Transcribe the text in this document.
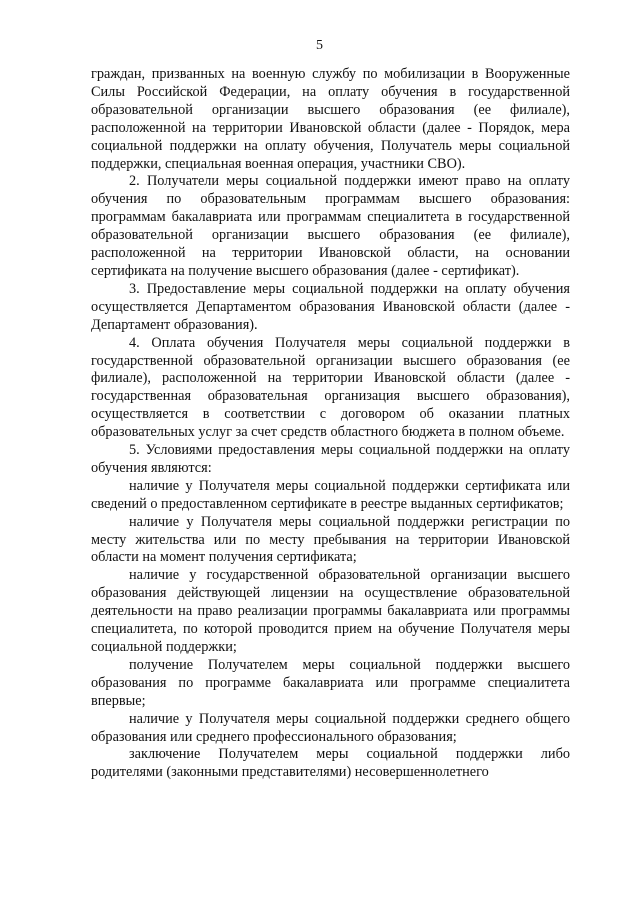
5

граждан, призванных на военную службу по мобилизации в Вооруженные Силы Российской Федерации, на оплату обучения в государственной образовательной организации высшего образования (ее филиале), расположенной на территории Ивановской области (далее - Порядок, мера социальной поддержки на оплату обучения, Получатель меры социальной поддержки, специальная военная операция, участники СВО).

2. Получатели меры социальной поддержки имеют право на оплату обучения по образовательным программам высшего образования: программам бакалавриата или программам специалитета в государственной образовательной организации высшего образования (ее филиале), расположенной на территории Ивановской области, на основании сертификата на получение высшего образования (далее - сертификат).

3. Предоставление меры социальной поддержки на оплату обучения осуществляется Департаментом образования Ивановской области (далее - Департамент образования).

4. Оплата обучения Получателя меры социальной поддержки в государственной образовательной организации высшего образования (ее филиале), расположенной на территории Ивановской области (далее - государственная образовательная организация высшего образования), осуществляется в соответствии с договором об оказании платных образовательных услуг за счет средств областного бюджета в полном объеме.

5. Условиями предоставления меры социальной поддержки на оплату обучения являются:

наличие у Получателя меры социальной поддержки сертификата или сведений о предоставленном сертификате в реестре выданных сертификатов;

наличие у Получателя меры социальной поддержки регистрации по месту жительства или по месту пребывания на территории Ивановской области на момент получения сертификата;

наличие у государственной образовательной организации высшего образования действующей лицензии на осуществление образовательной деятельности на право реализации программы бакалавриата или программы специалитета, по которой проводится прием на обучение Получателя меры социальной поддержки;

получение Получателем меры социальной поддержки высшего образования по программе бакалавриата или программе специалитета впервые;

наличие у Получателя меры социальной поддержки среднего общего образования или среднего профессионального образования;

заключение Получателем меры социальной поддержки либо родителями (законными представителями) несовершеннолетнего
